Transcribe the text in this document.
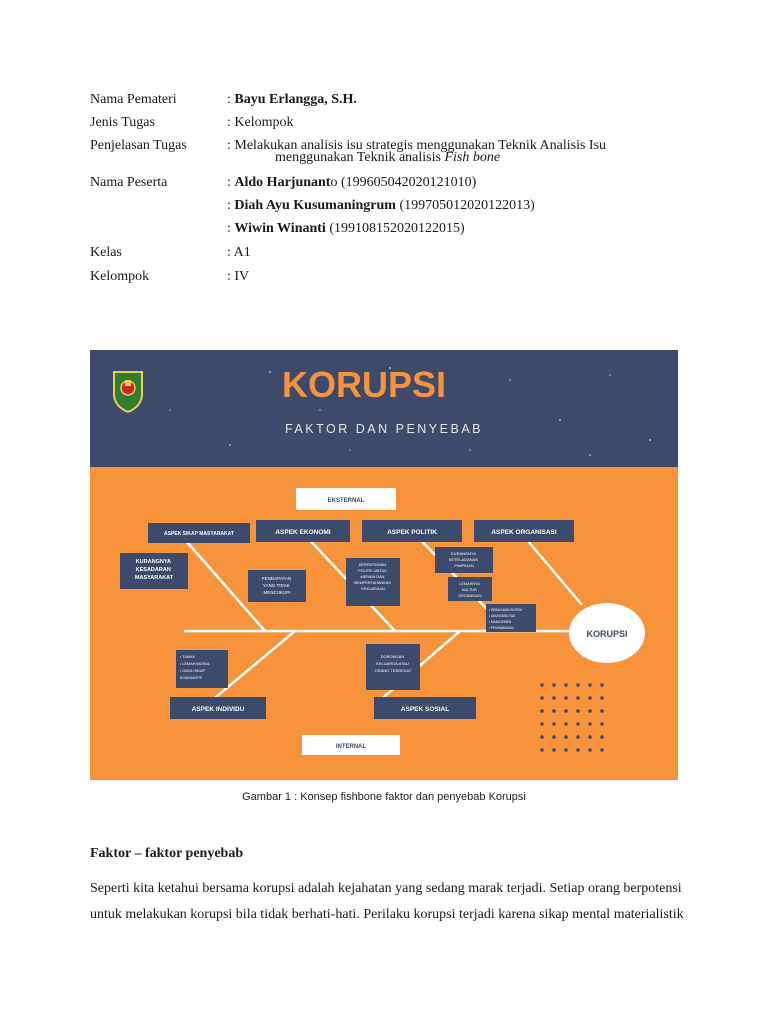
Nama Pemateri	: Bayu Erlangga, S.H.
Jenis Tugas	: Kelompok
Penjelasan Tugas	: Melakukan analisis isu strategis menggunakan Teknik Analisis Isu
menggunakan Teknik analisis Fish bone
Nama Peserta	: Aldo Harjunanto (199605042020121010)
: Diah Ayu Kusumaningrum (199705012020122013)
: Wiwin Winanti (199108152020122015)
Kelas	: A1
Kelompok	: IV
KORUPSI
FAKTOR DAN PENYEBAB
EKSTERNAL
ASPEK SIKAP MASYARAKAT	ASPEK EKONOMI	ASPEK POLITIK	ASPEK ORGANISASI
ASPEK INDIVIDU	ASPEK SOSIAL
KURANGNYA KESADARAN MASYARAKAT	PENDAPATAN YANG TIDAK MENCUKUPI
KEPENTINGAN POLITIK UNTUK MERAIH DAN MEMPERTAHANKAN KEKUASAAN
KURANGNYA KETELADANAN PIMPINAN
LEMAHNYA KULTUR ORGANISASI
• SEBAGAIAN SISTEM • AKUNTABILITAS • MANAJEMEN • PENGAWASAN
• TAMAK • LEMAH MORAL • GAYA HIDUP KONSUMTIF
DORONGAN KELUARGA ATAU ORANG TERDEKAT
KORUPSI
INTERNAL
Gambar 1 : Konsep fishbone faktor dan penyebab Korupsi
Faktor – faktor penyebab
Seperti kita ketahui bersama korupsi adalah kejahatan yang sedang marak terjadi. Setiap orang berpotensi
untuk melakukan korupsi bila tidak berhati-hati. Perilaku korupsi terjadi karena sikap mental materialistik
